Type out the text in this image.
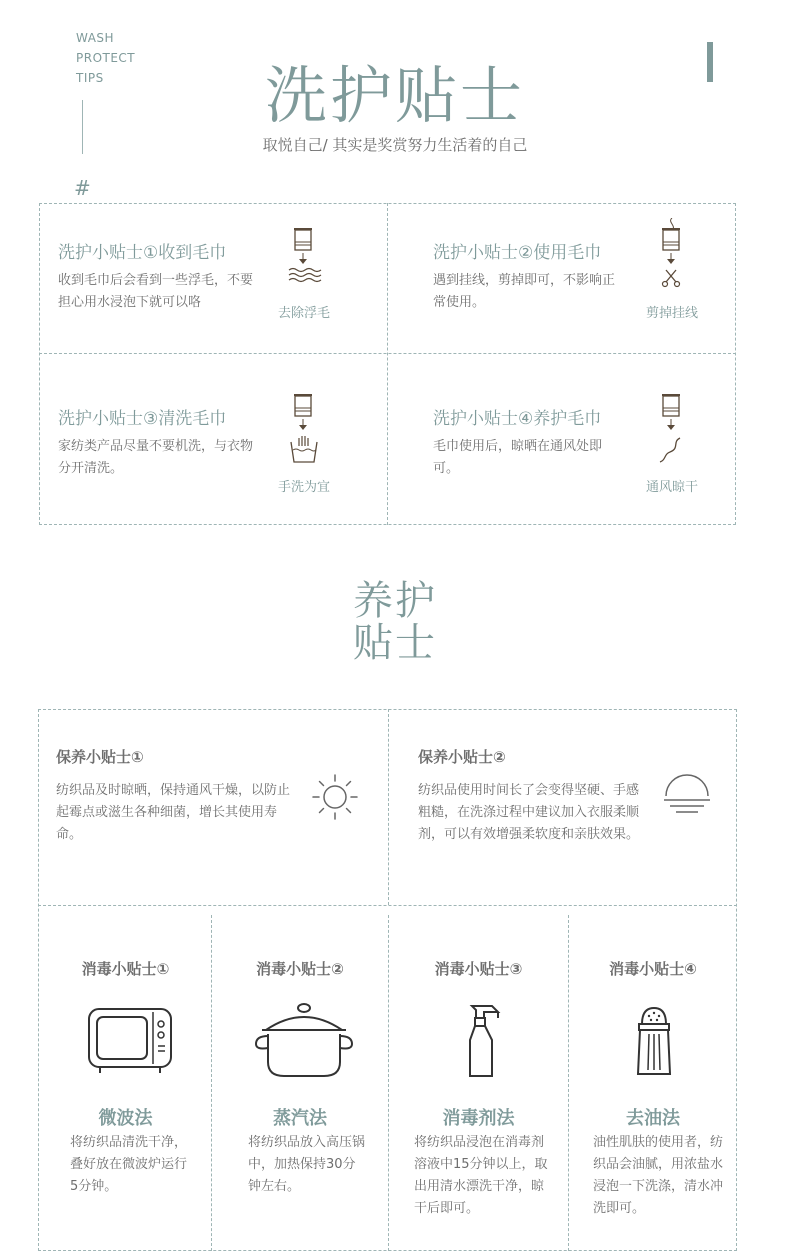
WASH
PROTECT
TIPS	洗护贴士
取悦自己/ 其实是奖赏努力生活着的自己
#
洗护小贴士①收到毛巾
收到毛巾后会看到一些浮毛，不要担心用水浸泡下就可以咯
去除浮毛
洗护小贴士②使用毛巾
遇到挂线，剪掉即可，不影响正常使用。
剪掉挂线
洗护小贴士③清洗毛巾
家纺类产品尽量不要机洗，与衣物分开清洗。
手洗为宜
洗护小贴士④养护毛巾
毛巾使用后，晾晒在通风处即可。
通风晾干
养护
贴士
保养小贴士①
纺织品及时晾晒，保持通风干燥，以防止起霉点或滋生各种细菌，增长其使用寿命。
保养小贴士②
纺织品使用时间长了会变得坚硬、手感粗糙，在洗涤过程中建议加入衣服柔顺剂，可以有效增强柔软度和亲肤效果。
消毒小贴士①
微波法
将纺织品清洗干净，叠好放在微波炉运行5分钟。
消毒小贴士②
蒸汽法
将纺织品放入高压锅中，加热保持30分钟左右。
消毒小贴士③
消毒剂法
将纺织品浸泡在消毒剂溶液中15分钟以上，取出用清水漂洗干净，晾干后即可。
消毒小贴士④
去油法
油性肌肤的使用者，纺织品会油腻，用浓盐水浸泡一下洗涤，清水冲洗即可。
